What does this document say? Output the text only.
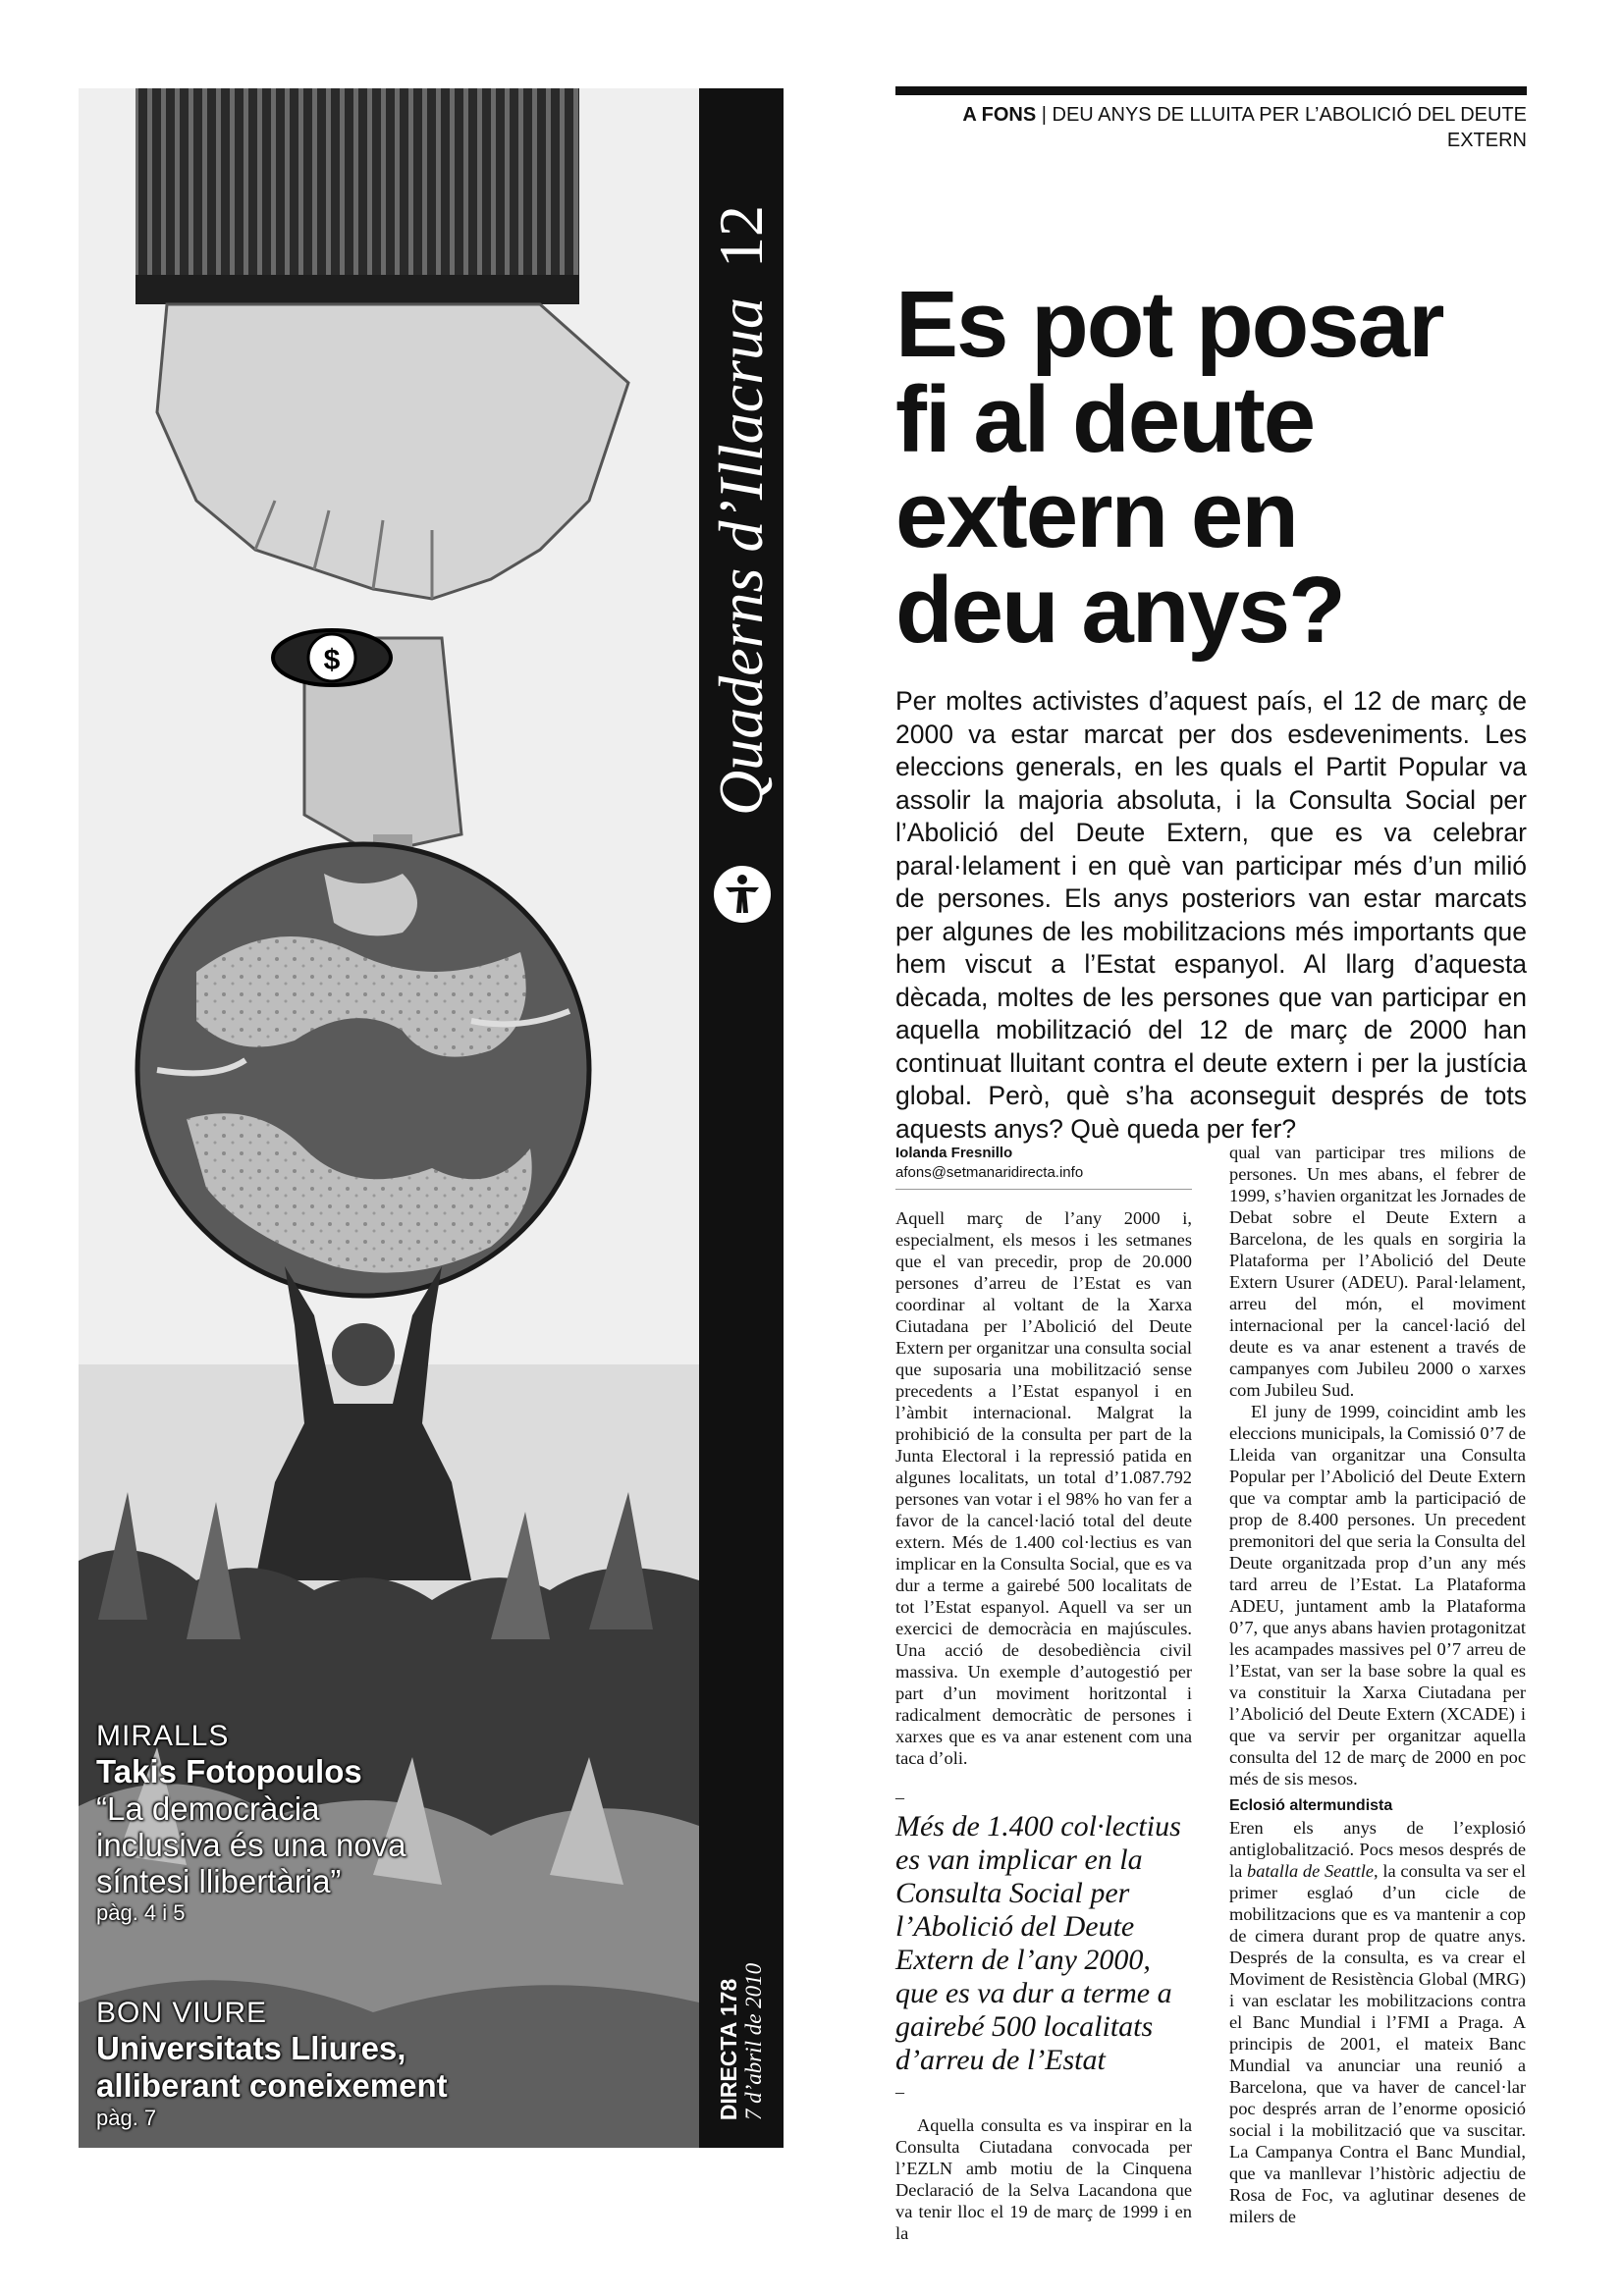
$
MIRALLS
Takis Fotopoulos
“La democràcia
inclusiva és una nova
síntesi llibertària”
pàg. 4 i 5
BON VIURE
Universitats Lliures,
alliberant coneixement
pàg. 7
Quaderns d’Illacrua 12
DIRECTA 178 7 d’abril de 2010
A FONS | DEU ANYS DE LLUITA PER L’ABOLICIÓ DEL DEUTE EXTERN
Es pot posar
fi al deute
extern en
deu anys?

Per moltes activistes d’aquest país, el 12 de març de 2000 va estar marcat per dos esdeveniments. Les eleccions generals, en les quals el Partit Popular va assolir la majoria absoluta, i la Consulta Social per l’Abolició del Deute Extern, que es va celebrar paral·lelament i en què van participar més d’un milió de persones. Els anys posteriors van estar marcats per algunes de les mobilitzacions més importants que hem viscut a l’Estat espanyol. Al llarg d’aquesta dècada, moltes de les persones que van participar en aquella mobilització del 12 de març de 2000 han continuat lluitant contra el deute extern i per la justícia global. Però, què s’ha aconseguit després de tots aquests anys? Què queda per fer?

Iolanda Fresnillo
afons@setmanaridirecta.info

Aquell març de l’any 2000 i, especialment, els mesos i les setmanes que el van precedir, prop de 20.000 persones d’arreu de l’Estat es van coordinar al voltant de la Xarxa Ciutadana per l’Abolició del Deute Extern per organitzar una consulta social que suposaria una mobilització sense precedents a l’Estat espanyol i en l’àmbit internacional. Malgrat la prohibició de la consulta per part de la Junta Electoral i la repressió patida en algunes localitats, un total d’1.087.792 persones van votar i el 98% ho van fer a favor de la cancel·lació total del deute extern. Més de 1.400 col·lectius es van implicar en la Consulta Social, que es va dur a terme a gairebé 500 localitats de tot l’Estat espanyol. Aquell va ser un exercici de democràcia en majúscules. Una acció de desobediència civil massiva. Un exemple d’autogestió per part d’un moviment horitzontal i radicalment democràtic de persones i xarxes que es va anar estenent com una taca d’oli.

–
Més de 1.400 col·lectius es van implicar en la Consulta Social per l’Abolició del Deute Extern de l’any 2000, que es va dur a terme a gairebé 500 localitats d’arreu de l’Estat
–

Aquella consulta es va inspirar en la Consulta Ciutadana convocada per l’EZLN amb motiu de la Cinquena Declaració de la Selva Lacandona que va tenir lloc el 19 de març de 1999 i en la

qual van participar tres milions de persones. Un mes abans, el febrer de 1999, s’havien organitzat les Jornades de Debat sobre el Deute Extern a Barcelona, de les quals en sorgiria la Plataforma per l’Abolició del Deute Extern Usurer (ADEU). Paral·lelament, arreu del món, el moviment internacional per la cancel·lació del deute es va anar estenent a través de campanyes com Jubileu 2000 o xarxes com Jubileu Sud.

El juny de 1999, coincidint amb les eleccions municipals, la Comissió 0’7 de Lleida van organitzar una Consulta Popular per l’Abolició del Deute Extern que va comptar amb la participació de prop de 8.400 persones. Un precedent premonitori del que seria la Consulta del Deute organitzada prop d’un any més tard arreu de l’Estat. La Plataforma ADEU, juntament amb la Plataforma 0’7, que anys abans havien protagonitzat les acampades massives pel 0’7 arreu de l’Estat, van ser la base sobre la qual es va constituir la Xarxa Ciutadana per l’Abolició del Deute Extern (XCADE) i que va servir per organitzar aquella consulta del 12 de març de 2000 en poc més de sis mesos.

Eclosió altermundista

Eren els anys de l’explosió antiglobalització. Pocs mesos després de la batalla de Seattle, la consulta va ser el primer esglaó d’un cicle de mobilitzacions que es va mantenir a cop de cimera durant prop de quatre anys. Després de la consulta, es va crear el Moviment de Resistència Global (MRG) i van esclatar les mobilitzacions contra el Banc Mundial i l’FMI a Praga. A principis de 2001, el mateix Banc Mundial va anunciar una reunió a Barcelona, que va haver de cancel·lar poc després arran de l’enorme oposició social i la mobilització que va suscitar. La Campanya Contra el Banc Mundial, que va manllevar l’històric adjectiu de Rosa de Foc, va aglutinar desenes de milers de
